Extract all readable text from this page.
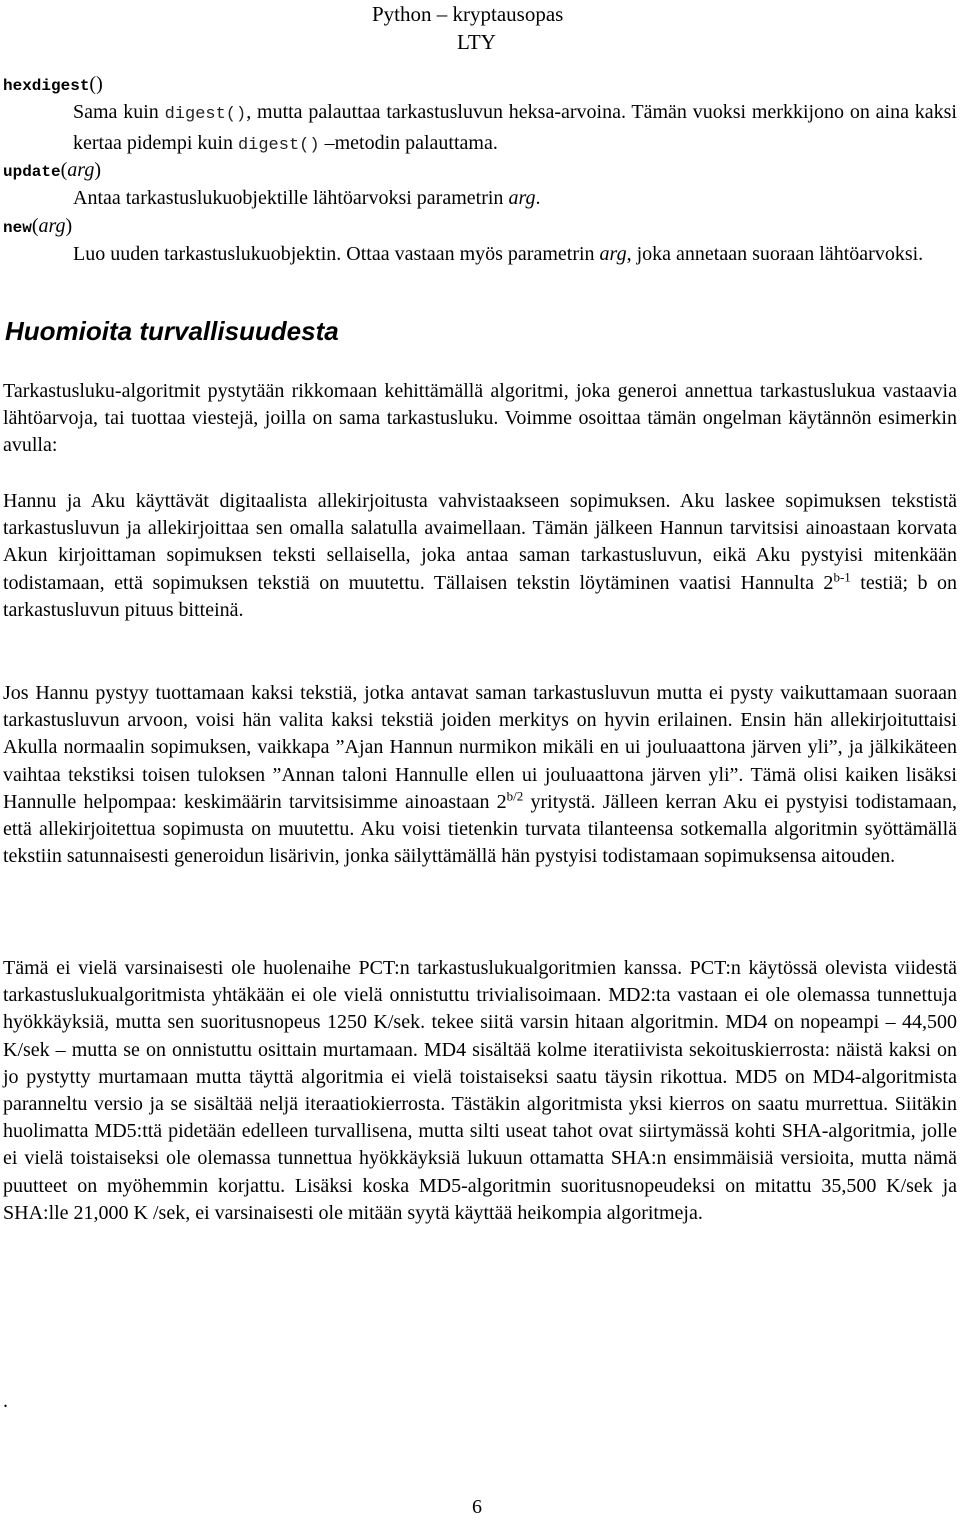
Python – kryptausopas
LTY
hexdigest()
Sama kuin digest(), mutta palauttaa tarkastusluvun heksa-arvoina. Tämän vuoksi merkkijono on aina kaksi kertaa pidempi kuin digest() –metodin palauttama.
update(arg)
Antaa tarkastuslukuobjektille lähtöarvoksi parametrin arg.
new(arg)
Luo uuden tarkastuslukuobjektin. Ottaa vastaan myös parametrin arg, joka annetaan suoraan lähtöarvoksi.
Huomioita turvallisuudesta
Tarkastusluku-algoritmit pystytään rikkomaan kehittämällä algoritmi, joka generoi annettua tarkastuslukua vastaavia lähtöarvoja, tai tuottaa viestejä, joilla on sama tarkastusluku. Voimme osoittaa tämän ongelman käytännön esimerkin avulla:
Hannu ja Aku käyttävät digitaalista allekirjoitusta vahvistaakseen sopimuksen. Aku laskee sopimuksen tekstistä tarkastusluvun ja allekirjoittaa sen omalla salatulla avaimellaan. Tämän jälkeen Hannun tarvitsisi ainoastaan korvata Akun kirjoittaman sopimuksen teksti sellaisella, joka antaa saman tarkastusluvun, eikä Aku pystyisi mitenkään todistamaan, että sopimuksen tekstiä on muutettu. Tällaisen tekstin löytäminen vaatisi Hannulta 2$^{b-1}$ testiä; b on tarkastusluvun pituus bitteinä.
Jos Hannu pystyy tuottamaan kaksi tekstiä, jotka antavat saman tarkastusluvun mutta ei pysty vaikuttamaan suoraan tarkastusluvun arvoon, voisi hän valita kaksi tekstiä joiden merkitys on hyvin erilainen. Ensin hän allekirjoituttaisi Akulla normaalin sopimuksen, vaikkapa ”Ajan Hannun nurmikon mikäli en ui jouluaattona järven yli”, ja jälkikäteen vaihtaa tekstiksi toisen tuloksen ”Annan taloni Hannulle ellen ui jouluaattona järven yli”. Tämä olisi kaiken lisäksi Hannulle helpompaa: keskimäärin tarvitsisimme ainoastaan $2^{b/2}$ yritystä. Jälleen kerran Aku ei pystyisi todistamaan, että allekirjoitettua sopimusta on muutettu. Aku voisi tietenkin turvata tilanteensa sotkemalla algoritmin syöttämällä tekstiin satunnaisesti generoidun lisärivin, jonka säilyttämällä hän pystyisi todistamaan sopimuksensa aitouden.
Tämä ei vielä varsinaisesti ole huolenaihe PCT:n tarkastuslukualgoritmien kanssa. PCT:n käytössä olevista viidestä tarkastuslukualgoritmista yhtäkään ei ole vielä onnistuttu trivialisoimaan. MD2:ta vastaan ei ole olemassa tunnettuja hyökkäyksiä, mutta sen suoritusnopeus 1250 K/sek. tekee siitä varsin hitaan algoritmin. MD4 on nopeampi – 44,500 K/sek – mutta se on onnistuttu osittain murtamaan. MD4 sisältää kolme iteratiivista sekoituskierrosta: näistä kaksi on jo pystytty murtamaan mutta täyttä algoritmia ei vielä toistaiseksi saatu täysin rikottua. MD5 on MD4-algoritmista paranneltu versio ja se sisältää neljä iteraatiokierrosta. Tästäkin algoritmista yksi kierros on saatu murrettua. Siitäkin huolimatta MD5:ttä pidetään edelleen turvallisena, mutta silti useat tahot ovat siirtymässä kohti SHA-algoritmia, jolle ei vielä toistaiseksi ole olemassa tunnettua hyökkäyksiä lukuun ottamatta SHA:n ensimmäisiä versioita, mutta nämä puutteet on myöhemmin korjattu. Lisäksi koska MD5-algoritmin suoritusnopeudeksi on mitattu 35,500 K/sek ja SHA:lle 21,000 K /sek, ei varsinaisesti ole mitään syytä käyttää heikompia algoritmeja.
.
6
